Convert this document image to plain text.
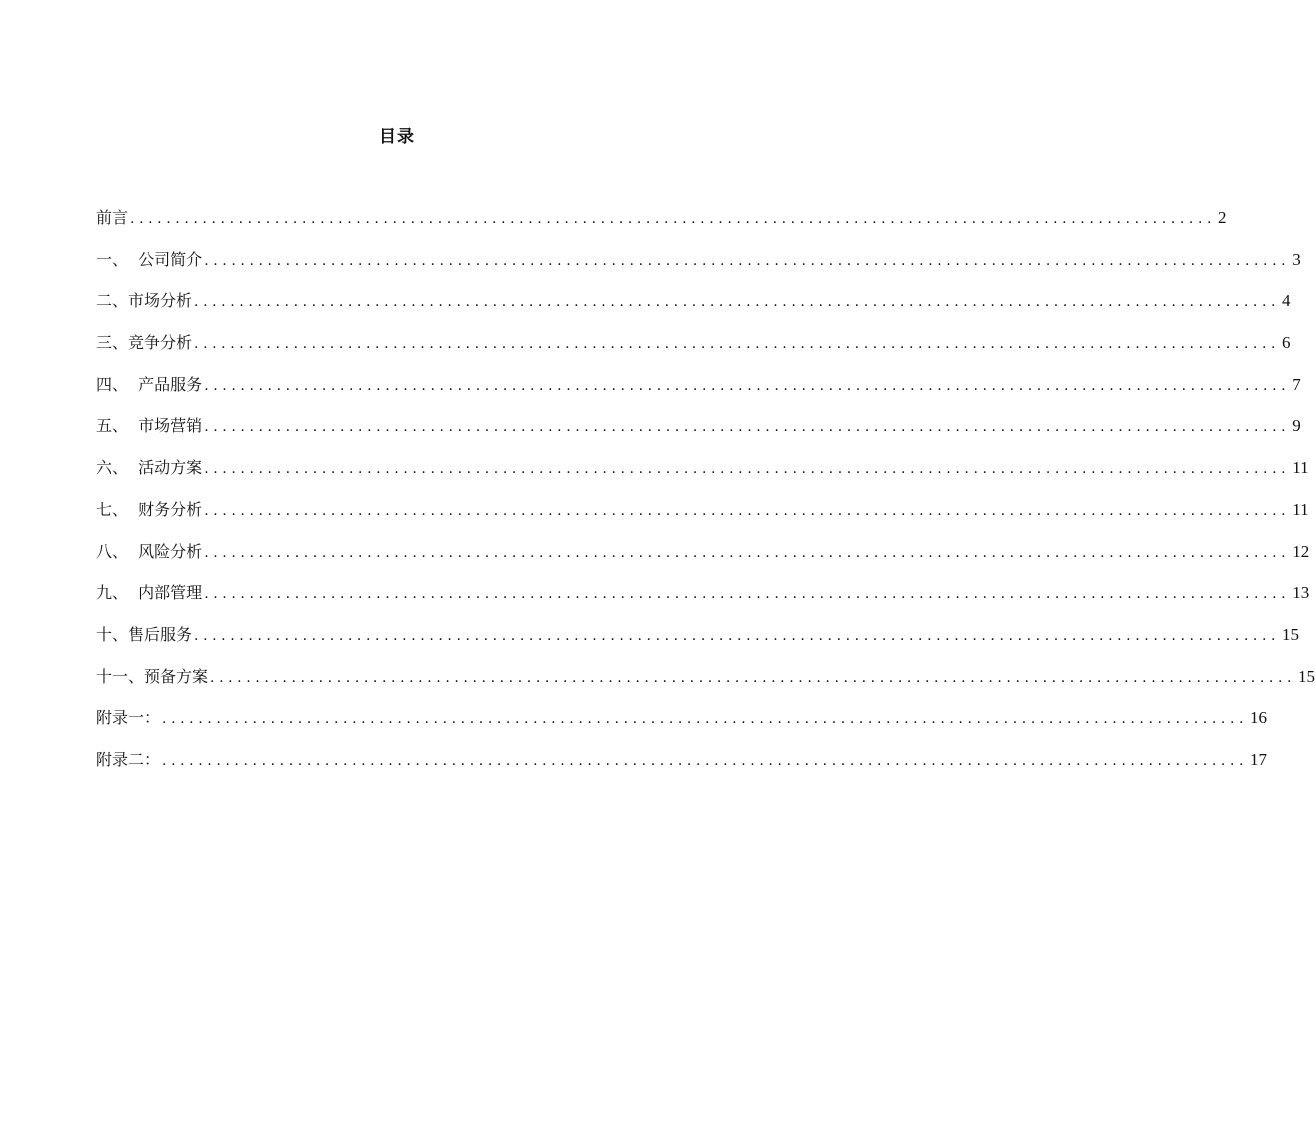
目录
前言 ........................................................................................................................ 2
一、  公司简介 ........................................................................................................................ 3
二、市场分析 ........................................................................................................................ 4
三、竞争分析 ........................................................................................................................ 6
四、  产品服务 ........................................................................................................................ 7
五、  市场营销 ........................................................................................................................ 9
六、  活动方案 ........................................................................................................................ 11
七、  财务分析 ........................................................................................................................ 11
八、  风险分析 ........................................................................................................................ 12
九、  内部管理 ........................................................................................................................ 13
十、售后服务 ........................................................................................................................ 15
十一、预备方案 ........................................................................................................................ 15
附录一： ........................................................................................................................ 16
附录二： ........................................................................................................................ 17
